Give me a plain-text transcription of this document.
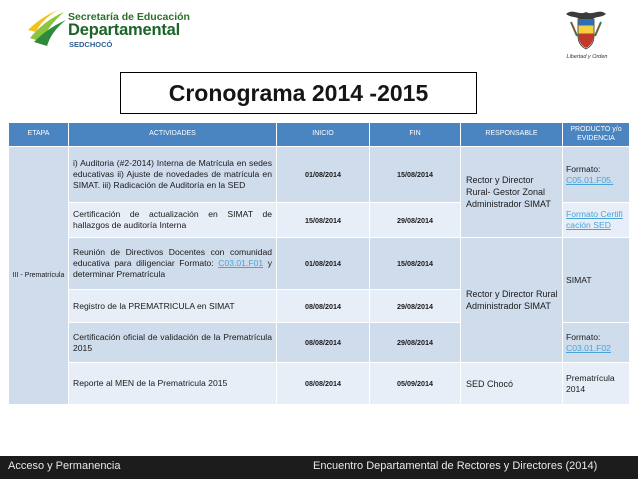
Secretaría de Educación
Departamental
SEDCHOCÓ
Libertad y Orden
Cronograma 2014 -2015
ETAPA	ACTIVIDADES	INICIO	FIN	RESPONSABLE	PRODUCTO y/o EVIDENCIA
III - Prematrícula	i) Auditoria (#2-2014) Interna de Matrícula en sedes educativas ii) Ajuste de novedades de matrícula en SIMAT. iii) Radicación de Auditoría en la SED	01/08/2014	15/08/2014	Rector y Director Rural- Gestor Zonal Administrador SIMAT	Formato:
C05.01.F05.
	Certificación de actualización en SIMAT de hallazgos de auditoría Interna	15/08/2014	29/08/2014		Formato Certificación SED
	Reunión de Directivos Docentes con comunidad educativa para diligenciar Formato: C03.01.F01 y determinar Prematrícula	01/08/2014	15/08/2014	Rector y Director Rural Administrador SIMAT	SIMAT
	Registro de la PREMATRICULA en SIMAT	08/08/2014	29/08/2014		
	Certificación oficial de validación de la Prematrícula 2015	08/08/2014	29/08/2014		Formato:
C03.01.F02
	Reporte al MEN de la Prematricula 2015	08/08/2014	05/09/2014	SED Chocó	Prematrícula 2014
Acceso y Permanencia	Encuentro Departamental de Rectores y Directores (2014)
